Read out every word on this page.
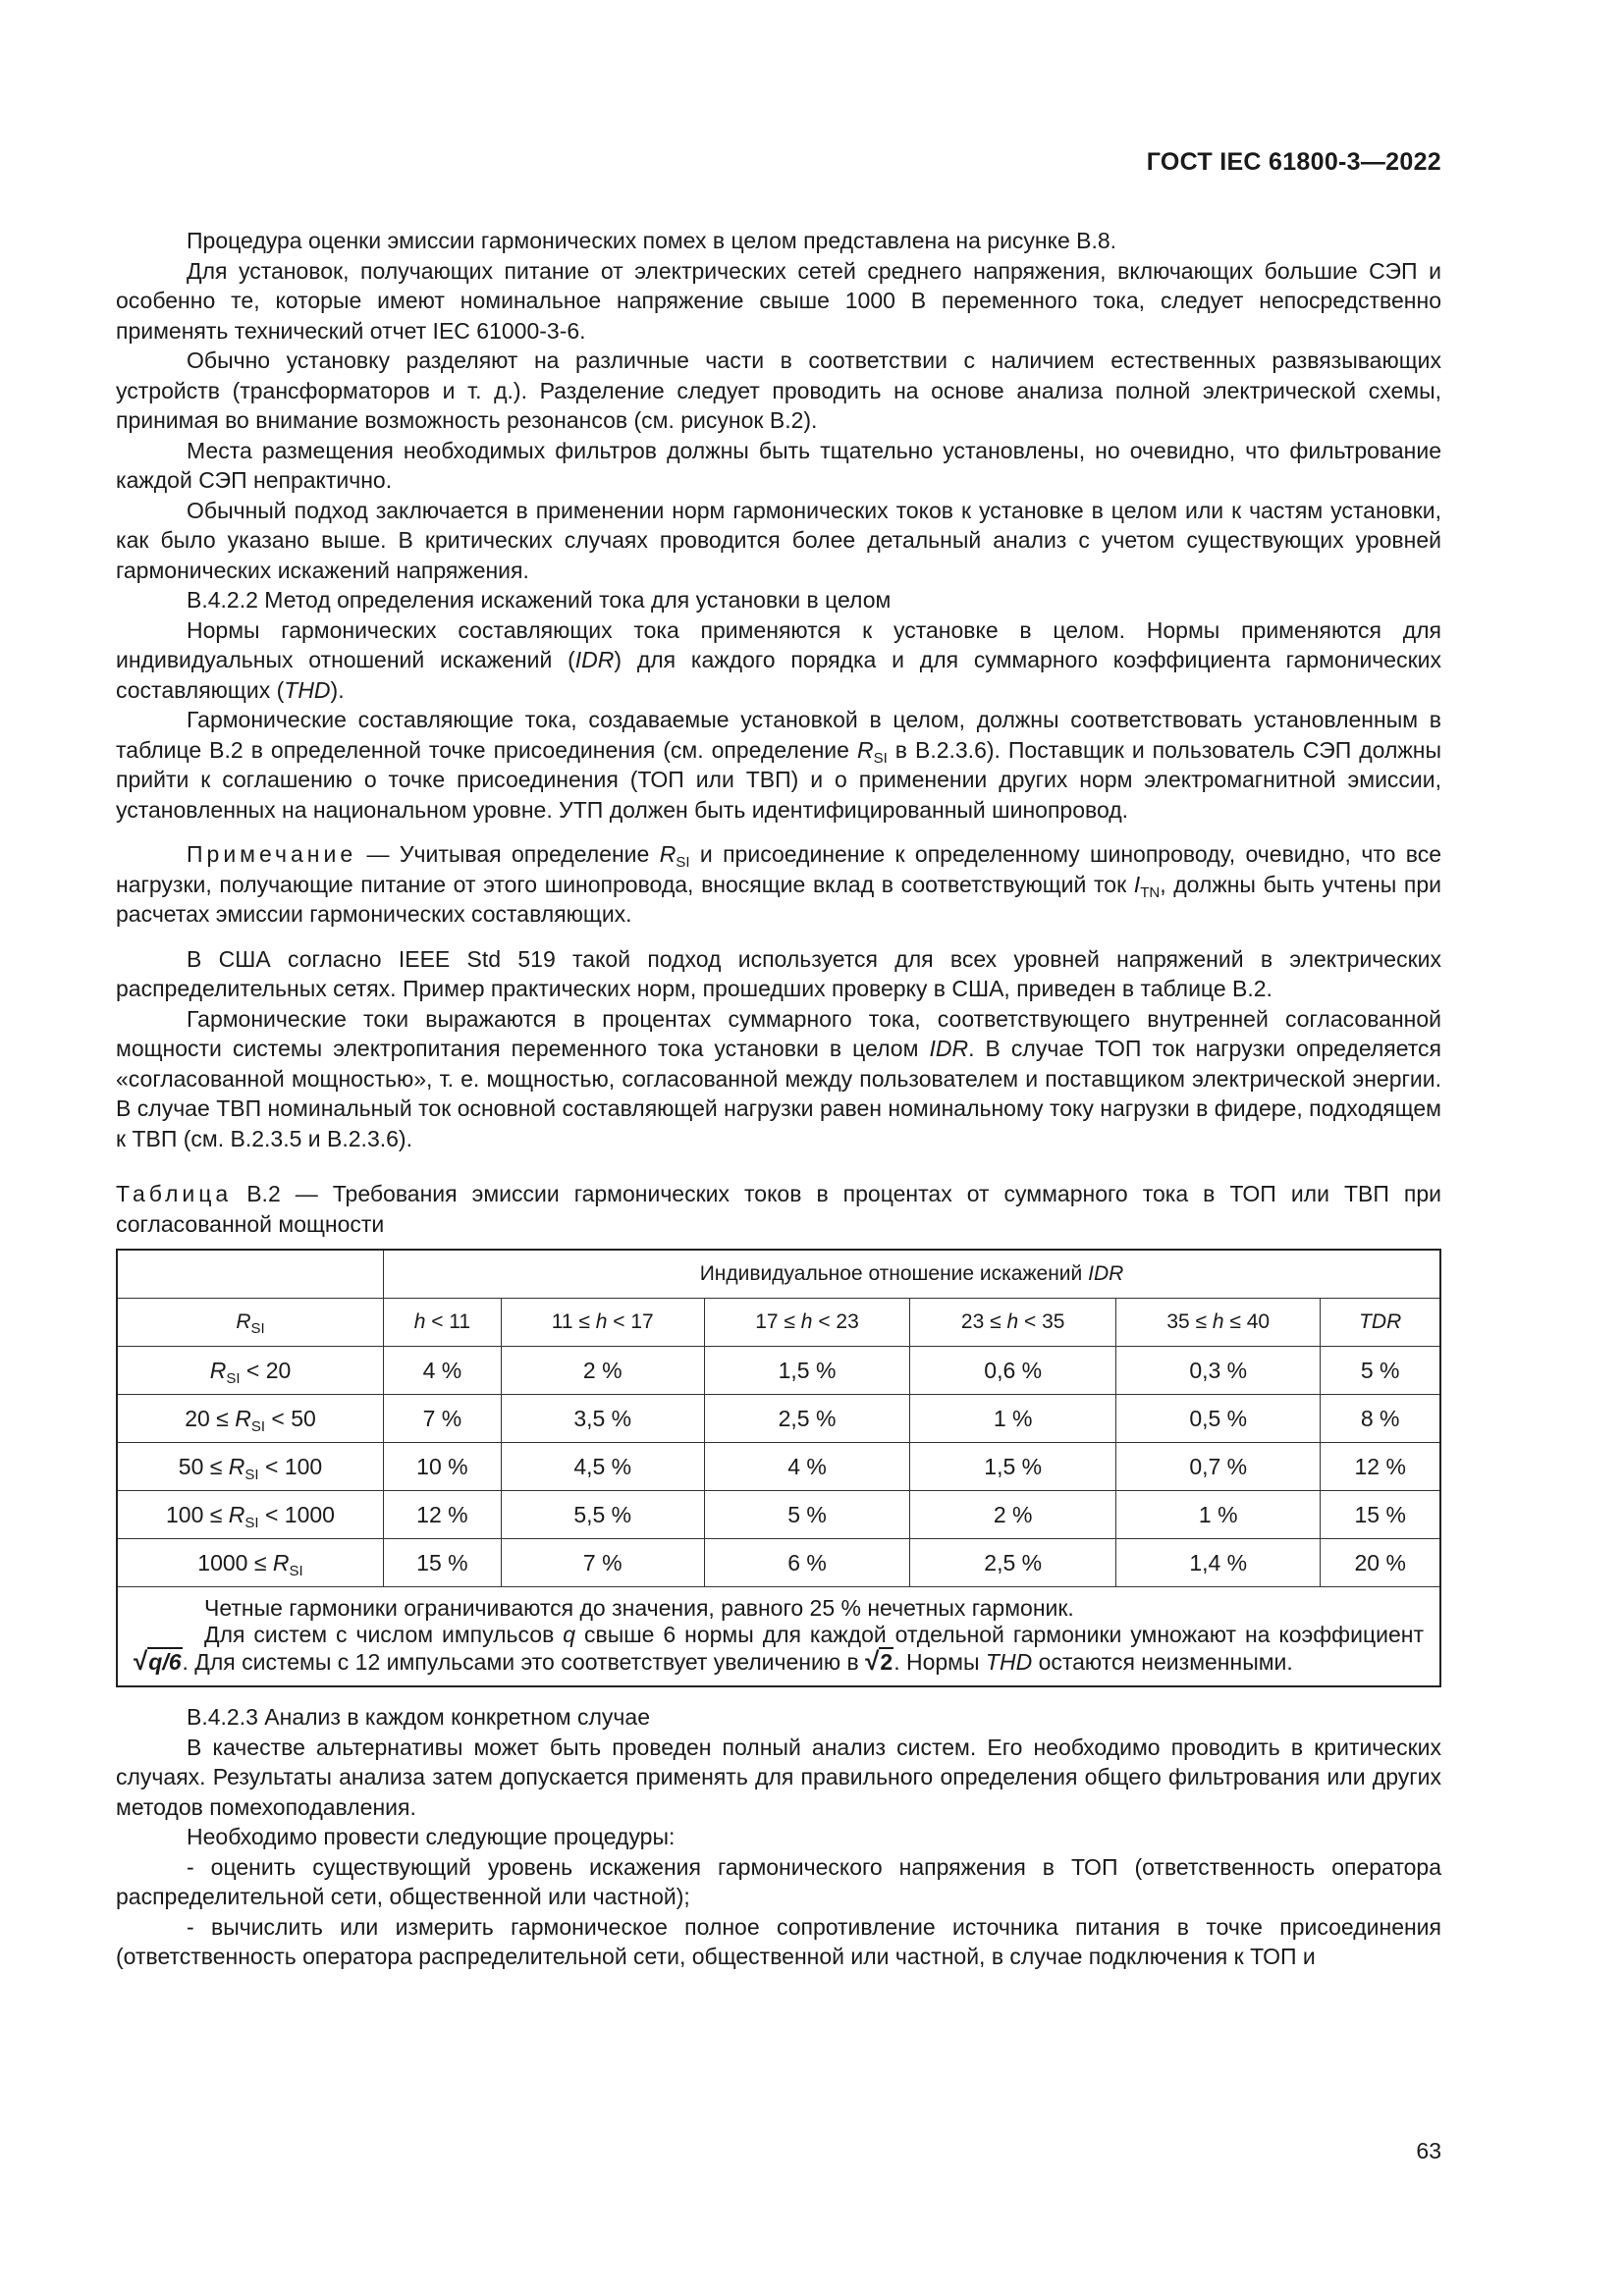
ГОСТ IEC 61800-3—2022

Процедура оценки эмиссии гармонических помех в целом представлена на рисунке В.8.

Для установок, получающих питание от электрических сетей среднего напряжения, включающих большие СЭП и особенно те, которые имеют номинальное напряжение свыше 1000 В переменного тока, следует непосредственно применять технический отчет IEC 61000-3-6.

Обычно установку разделяют на различные части в соответствии с наличием естественных развязывающих устройств (трансформаторов и т. д.). Разделение следует проводить на основе анализа полной электрической схемы, принимая во внимание возможность резонансов (см. рисунок В.2).

Места размещения необходимых фильтров должны быть тщательно установлены, но очевидно, что фильтрование каждой СЭП непрактично.

Обычный подход заключается в применении норм гармонических токов к установке в целом или к частям установки, как было указано выше. В критических случаях проводится более детальный анализ с учетом существующих уровней гармонических искажений напряжения.

В.4.2.2 Метод определения искажений тока для установки в целом

Нормы гармонических составляющих тока применяются к установке в целом. Нормы применяются для индивидуальных отношений искажений (IDR) для каждого порядка и для суммарного коэффициента гармонических составляющих (THD).

Гармонические составляющие тока, создаваемые установкой в целом, должны соответствовать установленным в таблице В.2 в определенной точке присоединения (см. определение $R_{SI}$ в В.2.3.6). Поставщик и пользователь СЭП должны прийти к соглашению о точке присоединения (ТОП или ТВП) и о применении других норм электромагнитной эмиссии, установленных на национальном уровне. УТП должен быть идентифицированный шинопровод.

Примечание — Учитывая определение $R_{SI}$ и присоединение к определенному шинопроводу, очевидно, что все нагрузки, получающие питание от этого шинопровода, вносящие вклад в соответствующий ток $I_{TN}$, должны быть учтены при расчетах эмиссии гармонических составляющих.

В США согласно IEEE Std 519 такой подход используется для всех уровней напряжений в электрических распределительных сетях. Пример практических норм, прошедших проверку в США, приведен в таблице В.2.

Гармонические токи выражаются в процентах суммарного тока, соответствующего внутренней согласованной мощности системы электропитания переменного тока установки в целом IDR. В случае ТОП ток нагрузки определяется «согласованной мощностью», т. е. мощностью, согласованной между пользователем и поставщиком электрической энергии. В случае ТВП номинальный ток основной составляющей нагрузки равен номинальному току нагрузки в фидере, подходящем к ТВП (см. В.2.3.5 и В.2.3.6).

Таблица В.2 — Требования эмиссии гармонических токов в процентах от суммарного тока в ТОП или ТВП при согласованной мощности

	Индивидуальное отношение искажений IDR					
$R_{SI}$	h < 11	11 ≤ h < 17	17 ≤ h < 23	23 ≤ h < 35	35 ≤ h ≤ 40	TDR
$R_{SI} < 20$	4 %	2 %	1,5 %	0,6 %	0,3 %	5 %
$20 \le R_{SI} < 50$	7 %	3,5 %	2,5 %	1 %	0,5 %	8 %
$50 \le R_{SI} < 100$	10 %	4,5 %	4 %	1,5 %	0,7 %	12 %
$100 \le R_{SI} < 1000$	12 %	5,5 %	5 %	2 %	1 %	15 %
$1000 \le R_{SI}$	15 %	7 %	6 %	2,5 %	1,4 %	20 %

Четные гармоники ограничиваются до значения, равного 25 % нечетных гармоник.
Для систем с числом импульсов q свыше 6 нормы для каждой отдельной гармоники умножают на коэффициент √q/6. Для системы с 12 импульсами это соответствует увеличению в √2. Нормы THD остаются неизменными.						

В.4.2.3 Анализ в каждом конкретном случае

В качестве альтернативы может быть проведен полный анализ систем. Его необходимо проводить в критических случаях. Результаты анализа затем допускается применять для правильного определения общего фильтрования или других методов помехоподавления.

Необходимо провести следующие процедуры:

- оценить существующий уровень искажения гармонического напряжения в ТОП (ответственность оператора распределительной сети, общественной или частной);

- вычислить или измерить гармоническое полное сопротивление источника питания в точке присоединения (ответственность оператора распределительной сети, общественной или частной, в случае подключения к ТОП и

63
